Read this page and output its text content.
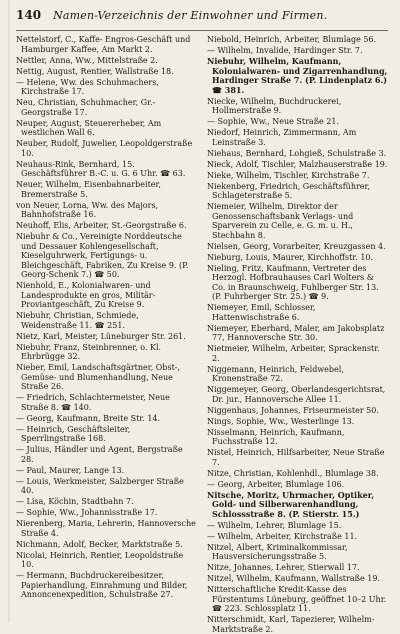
140 Namen-Verzeichnis der Einwohner und Firmen.

Nettelstorf, C., Kaffe- Engros-Geschäft und Hamburger Kaffee, Am Markt 2.

Nettler, Anna, Ww., Mittelstraße 2.

Nettig, August, Rentier, Wallstraße 18.

— Helene, Ww. des Schuhmachers, Kirchstraße 17.

Neu, Christian, Schuhmacher, Gr.-Georgstraße 17.

Neuper, August, Steuererheber, Am westlichen Wall 6.

Neuber, Rudolf, Juwelier, Leopoldgerstraße 10.

Neuhaus-Rink, Bernhard, 15. Geschäftsführer B.-C. u. G. 6 Uhr. ☎ 63.

Neuer, Wilhelm, Eisenbahnarbeiter, Bremerstraße 5.

von Neuer, Lorna, Ww. des Majors, Bahnhofstraße 16.

Neuhoff, Elis, Arbeiter, St.-Georgstraße 6.

Niebuhr & Co., Vereinigte Norddeutsche und Dessauer Kohlengesellschaft, Kieselguhrwerk, Fertigungs- u. Bleichgeschäft, Fabriken, Zu Kreise 9. (P. Georg-Schenk 7.) ☎ 50.

Nienhold, E., Kolonialwaren- und Landesprodukte en gros, Militär-Proviantgeschäft, Zu Kreise 9.

Niebuhr, Christian, Schmiede, Weidenstraße 11. ☎ 251.

Nietz, Karl, Meister, Lüneburger Str. 261.

Niebuhr, Franz, Steinbrenner, o. Kl. Ehrbrügge 32.

Nieber, Emil, Landschaftsgärtner, Obst-, Gemüse- und Blumenhandlung, Neue Straße 26.

— Friedrich, Schlachtermeister, Neue Straße 8. ☎ 140.

— Georg, Kaufmann, Breite Str. 14.

— Heinrich, Geschäftsleiter, Sperrlingstraße 168.

— Julius, Händler und Agent, Bergstraße 28.

— Paul, Maurer, Lange 13.

— Louis, Werkmeister, Salzberger Straße 40.

— Lisa, Köchin, Stadtbahn 7.

— Sophie, Ww., Johannisstraße 17.

Nierenberg, Maria, Lehrerin, Hannoversche Straße 4.

Nichmann, Adolf, Becker, Marktstraße 5.

Nicolai, Heinrich, Rentier, Leopoldstraße 10.

— Hermann, Buchdruckereibesitzer, Papierhandlung, Einrahmung und Bilder, Annoncenexpedition, Schulstraße 27.

Niebold, Heinrich, Arbeiter, Blumlage 56.

— Wilhelm, Invalide, Hardinger Str. 7.

Niebuhr, Wilhelm, Kaufmann, Kolonialwaren- und Zigarrenhandlung, Hardinger Straße 7. (P. Lindenplatz 6.) ☎ 381.

Niecke, Wilhelm, Buchdruckerei, Hollmerstraße 9.

— Sophie, Ww., Neue Straße 21.

Niedorf, Heinrich, Zimmermann, Am Leinstraße 3.

Niehaus, Bernhard, Lohgieß, Schulstraße 3.

Nieck, Adolf, Tischler, Malzhauserstraße 19.

Nieke, Wilhelm, Tischler, Kirchstraße 7.

Niekenberg, Friedrich, Geschäftsführer, Schlageterstraße 5.

Niemeier, Wilhelm, Direktor der Genossenschaftsbank Verlags- und Sparverein zu Celle, e. G. m. u. H., Stechbahn 8.

Nielsen, Georg, Vorarbeiter, Kreuzgassen 4.

Nieburg, Louis, Maurer, Kirchhoffstr. 10.

Nieling, Fritz, Kaufmann, Vertreter des Herzogl. Hofbrauhauses Carl Wolters & Co. in Braunschweig, Fuhlberger Str. 13. (P. Fuhrberger Str. 25.) ☎ 9.

Niemeyer, Emil, Schlosser, Hattenwischstraße 6.

Niemeyer, Eberhard, Maler, am Jakobsplatz 77, Hannoversche Str. 30.

Nietmeier, Wilhelm, Arbeiter, Sprackenstr. 2.

Niggemann, Heinrich, Feldwebel, Kronenstraße 72.

Niggemeyer, Georg, Oberlandesgerichtsrat, Dr. jur., Hannoversche Allee 11.

Niggenhaus, Johannes, Friseurmeister 50.

Nings, Sophie, Ww., Westerlinge 13.

Nisselmann, Heinrich, Kaufmann, Fuchsstraße 12.

Nistel, Heinrich, Hilfsarbeiter, Neue Straße 7.

Nitze, Christian, Kohlenhdl., Blumlage 38.

— Georg, Arbeiter, Blumlage 106.

Nitsche, Moritz, Uhrmacher, Optiker, Gold- und Silberwarenhandlung, Schlossstraße 8. (P. Stierstr. 15.)

— Wilhelm, Lehrer, Blumlage 15.

— Wilhelm, Arbeiter, Kirchstraße 11.

Nitzel, Albert, Kriminalkommissar, Hausversicherungsstraße 5.

Nitze, Johannes, Lehrer, Stierwall 17.

Nitzel, Wilhelm, Kaufmann, Wallstraße 19.

Nitterschaftliche Kredit-Kasse des Fürstentums Lüneburg, geöffnet 10–2 Uhr. ☎ 223. Schlossplatz 11.

Nitterschmidt, Karl, Tapezierer, Wilhelm-Marktstraße 2.
